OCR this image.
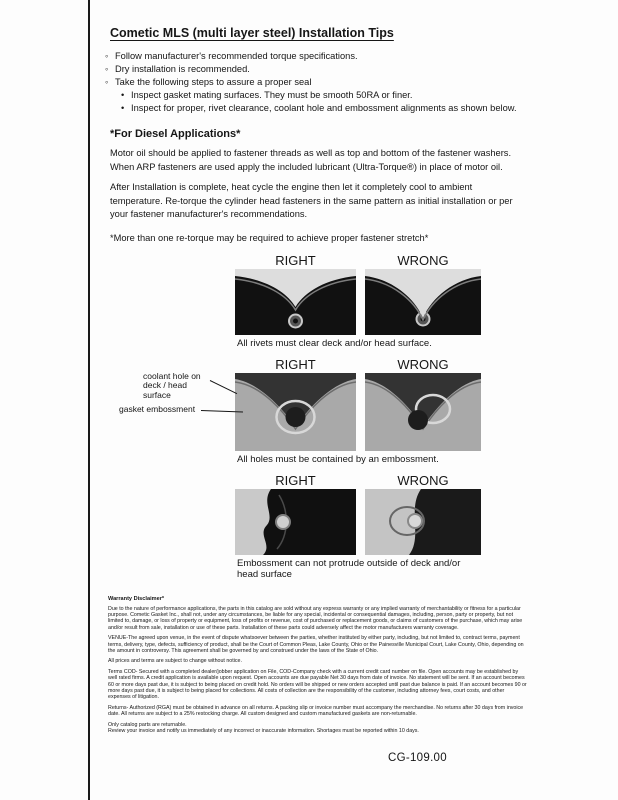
Cometic MLS (multi layer steel) Installation Tips
◦ Follow manufacturer's recommended torque specifications.
◦ Dry installation is recommended.
◦ Take the following steps to assure a proper seal
• Inspect gasket mating surfaces. They must be smooth 50RA or finer.
• Inspect for proper, rivet clearance, coolant hole and embossment alignments as shown below.
*For Diesel Applications*
Motor oil should be applied to fastener threads as well as top and bottom of the fastener washers. When ARP fasteners are used apply the included lubricant (Ultra-Torque®) in place of motor oil.
After Installation is complete, heat cycle the engine then let it completely cool to ambient temperature. Re-torque the cylinder head fasteners in the same pattern as initial installation or per your fastener manufacturer's recommendations.
*More than one re-torque may be required to achieve proper fastener stretch*
RIGHT	WRONG
All rivets must clear deck and/or head surface.
coolant hole on deck / head surface
gasket embossment
RIGHT	WRONG
All holes must be contained by an embossment.
RIGHT	WRONG
Embossment can not protrude outside of deck and/or head surface
Warranty Disclaimer*
Due to the nature of performance applications, the parts in this catalog are sold without any express warranty or any implied warranty of merchantability or fitness for a particular purpose. Cometic Gasket Inc., shall not, under any circumstances, be liable for any special, incidental or consequential damages, including, person, party or property, but not limited to, damage, or loss of property or equipment, loss of profits or revenue, cost of purchased or replacement goods, or claims of customers of the purchase, which may arise and/or result from sale, installation or use of these parts. Installation of these parts could adversely affect the motor manufacturers warranty coverage.
VENUE-The agreed upon venue, in the event of dispute whatsoever between the parties, whether instituted by either party, including, but not limited to, contract terms, payment terms, delivery, type, defects, sufficiency of product, shall be the Court of Common Pleas, Lake County, Ohio or the Painesville Municipal Court, Lake County, Ohio, depending on the amount in controversy. This agreement shall be governed by and construed under the laws of the State of Ohio.
All prices and terms are subject to change without notice.
Terms COD- Secured with a completed dealer/jobber application on File, COD-Company check with a current credit card number on file. Open accounts may be established by well rated firms. A credit application is available upon request. Open accounts are due payable Net 30 days from date of invoice. No statement will be sent. If an account becomes 60 or more days past due, it is subject to being placed on credit hold. No orders will be shipped or new orders accepted until past due balance is paid. If an account becomes 90 or more days past due, it is subject to being placed for collections. All costs of collection are the responsibility of the customer, including attorney fees, court costs, and other expenses of litigation.
Returns- Authorized (RGA) must be obtained in advance on all returns. A packing slip or invoice number must accompany the merchandise. No returns after 30 days from invoice date. All returns are subject to a 25% restocking charge. All custom designed and custom manufactured gaskets are non-returnable.
Only catalog parts are returnable.
Review your invoice and notify us immediately of any incorrect or inaccurate information. Shortages must be reported within 10 days.
CG-109.00
